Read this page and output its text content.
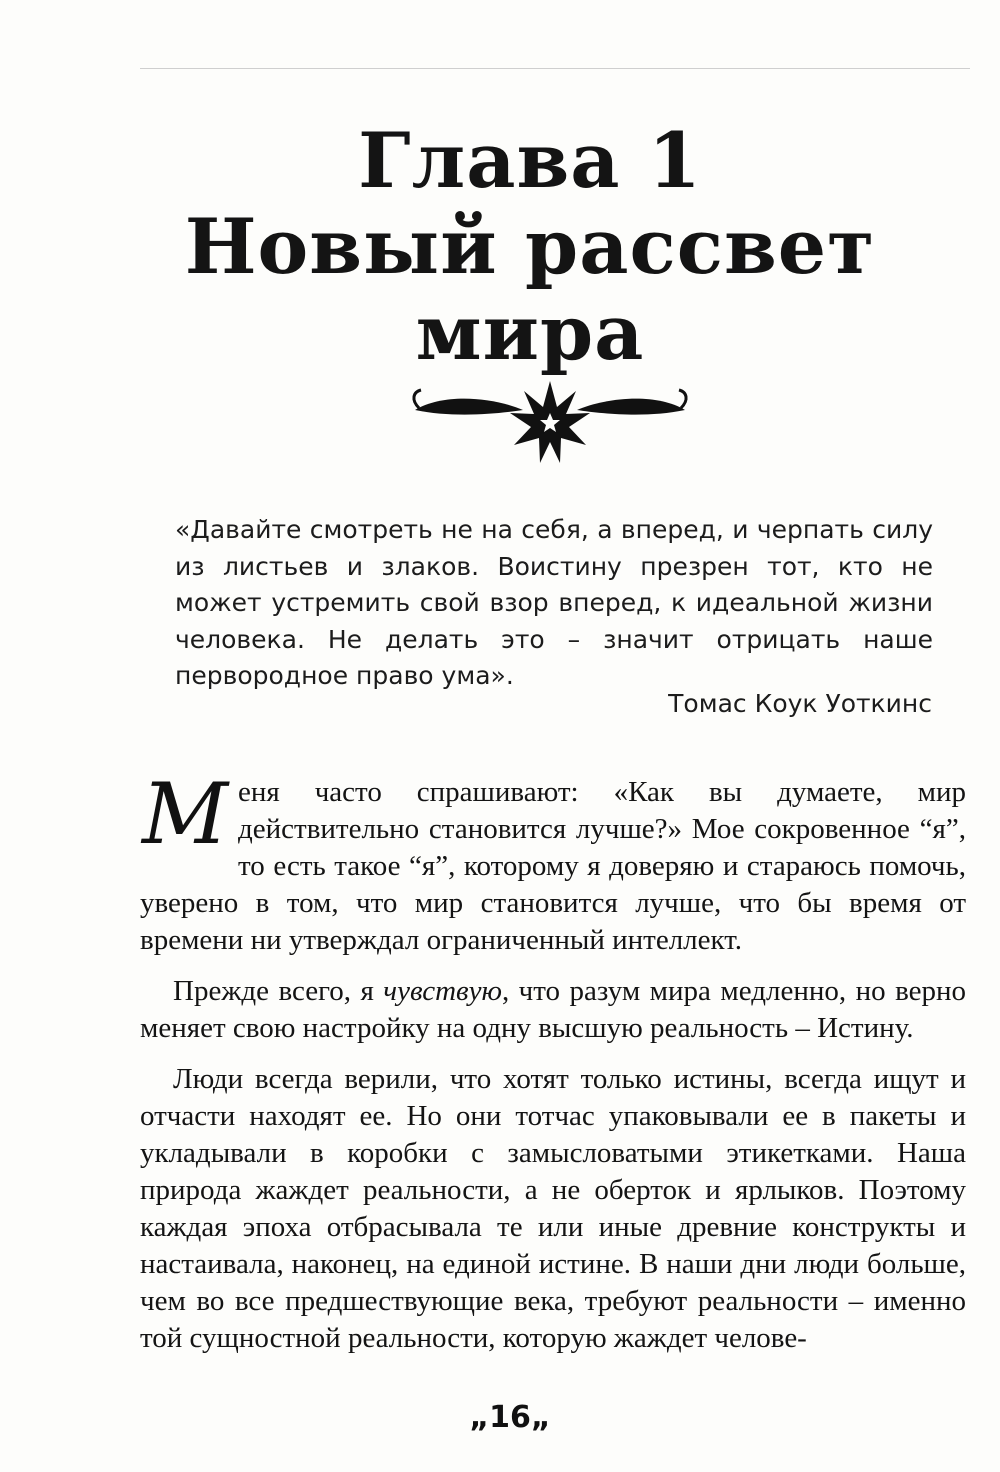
Глава 1
Новый рассвет
мира

«Давайте смотреть не на себя, а вперед, и черпать силу из листьев и злаков. Воистину презрен тот, кто не может устремить свой взор вперед, к идеальной жизни человека. Не делать это – значит отрицать наше первородное право ума».

Томас Коук Уоткинс

Меня часто спрашивают: «Как вы думаете, мир действительно становится лучше?» Мое сокровенное “я”, то есть такое “я”, которому я доверяю и стараюсь помочь, уверено в том, что мир становится лучше, что бы время от времени ни утверждал ограниченный интеллект.

Прежде всего, я чувствую, что разум мира медленно, но верно меняет свою настройку на одну высшую реальность – Истину.

Люди всегда верили, что хотят только истины, всегда ищут и отчасти находят ее. Но они тотчас упаковывали ее в пакеты и укладывали в коробки с замысловатыми этикетками. Наша природа жаждет реальности, а не оберток и ярлыков. Поэтому каждая эпоха отбрасывала те или иные древние конструкты и настаивала, наконец, на единой истине. В наши дни люди больше, чем во все предшествующие века, требуют реальности – именно той сущностной реальности, которую жаждет челове-

„16„
